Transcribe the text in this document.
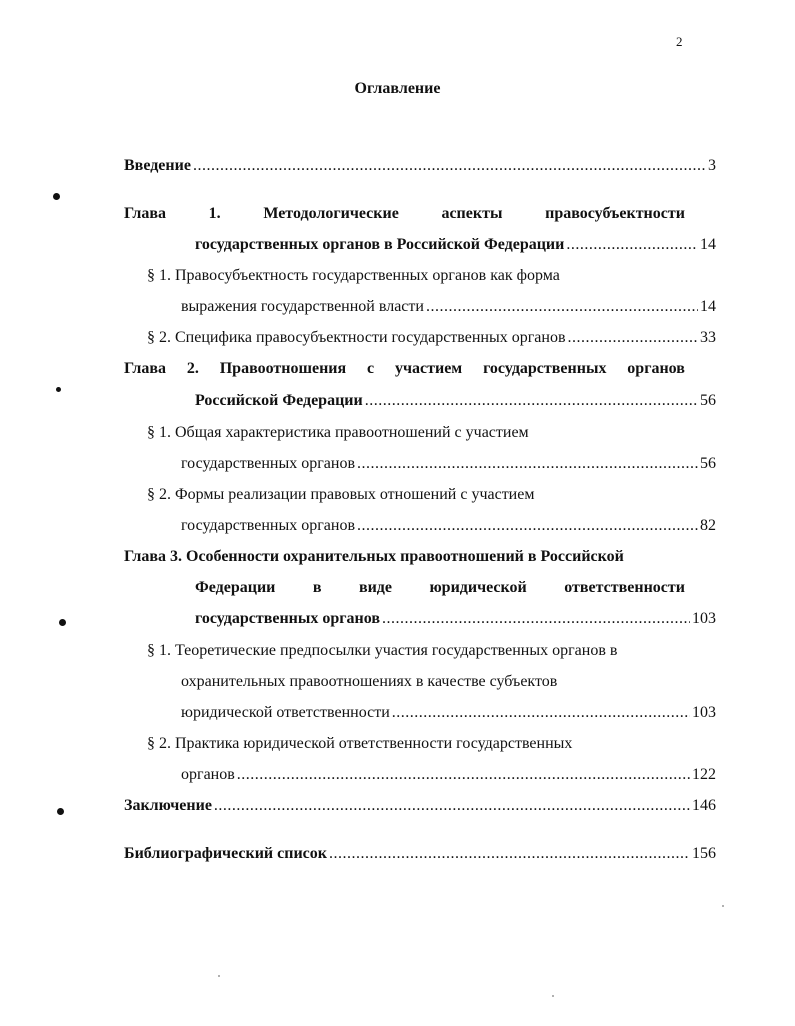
2
Оглавление
Введение .....	3
Глава	1.	Методологические	аспекты	правосубъектности
государственных органов в Российской Федерации .....	14
§ 1. Правосубъектность государственных органов как форма
выражения государственной власти .....	14
§ 2. Специфика правосубъектности государственных органов .....	33
Глава 2. Правоотношения с участием государственных органов
Российской Федерации .....	56
§ 1. Общая характеристика правоотношений с участием
государственных органов .....	56
§ 2. Формы реализации правовых отношений с участием
государственных органов .....	82
Глава 3. Особенности охранительных правоотношений в Российской
Федерации в виде юридической ответственности
государственных органов .....	103
§ 1. Теоретические предпосылки участия государственных органов в
охранительных правоотношениях в качестве субъектов
юридической ответственности .....	103
§ 2. Практика юридической ответственности государственных
органов .....	122
Заключение .....	146
Библиографический список .....	156
